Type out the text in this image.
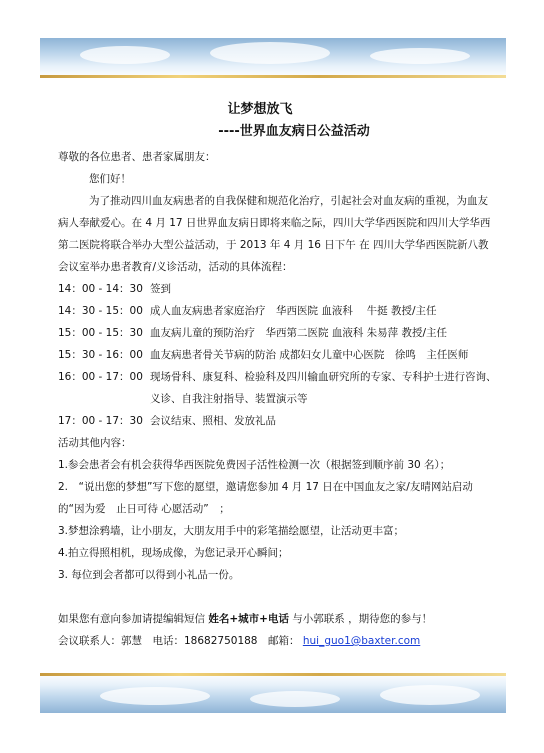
让梦想放飞
----世界血友病日公益活动

尊敬的各位患者、患者家属朋友：

您们好！

为了推动四川血友病患者的自我保健和规范化治疗，引起社会对血友病的重视，为血友病人奉献爱心。在 4 月 17 日世界血友病日即将来临之际，四川大学华西医院和四川大学华西第二医院将联合举办大型公益活动，于 2013 年 4 月 16 日下午 在 四川大学华西医院新八教会议室举办患者教育/义诊活动，活动的具体流程：

14：00 - 14：30 签到
14：30 - 15：00 成人血友病患者家庭治疗　华西医院 血液科　 牛挺 教授/主任
15：00 - 15：30 血友病儿童的预防治疗　华西第二医院 血液科 朱易萍 教授/主任
15：30 - 16：00 血友病患者骨关节病的防治 成都妇女儿童中心医院　徐鸣　主任医师
16：00 - 17：00 现场骨科、康复科、检验科及四川输血研究所的专家、专科护士进行咨询、义诊、自我注射指导、装置演示等
17：00 - 17：30 会议结束、照相、发放礼品

活动其他内容：

1.参会患者会有机会获得华西医院免费因子活性检测一次（根据签到顺序前 30 名）；

2.　“说出您的梦想”写下您的愿望，邀请您参加 4 月 17 日在中国血友之家/友晴网站启动的“因为爱　止日可待 心愿活动”　；

3.梦想涂鸦墙，让小朋友，大朋友用手中的彩笔描绘愿望，让活动更丰富；

4.拍立得照相机，现场成像，为您记录开心瞬间；

3. 每位到会者都可以得到小礼品一份。

如果您有意向参加请提编辑短信 姓名+城市+电话 与小郭联系 ，期待您的参与！

会议联系人：郭慧　 电话：18682750188　 邮箱： hui_guo1@baxter.com
